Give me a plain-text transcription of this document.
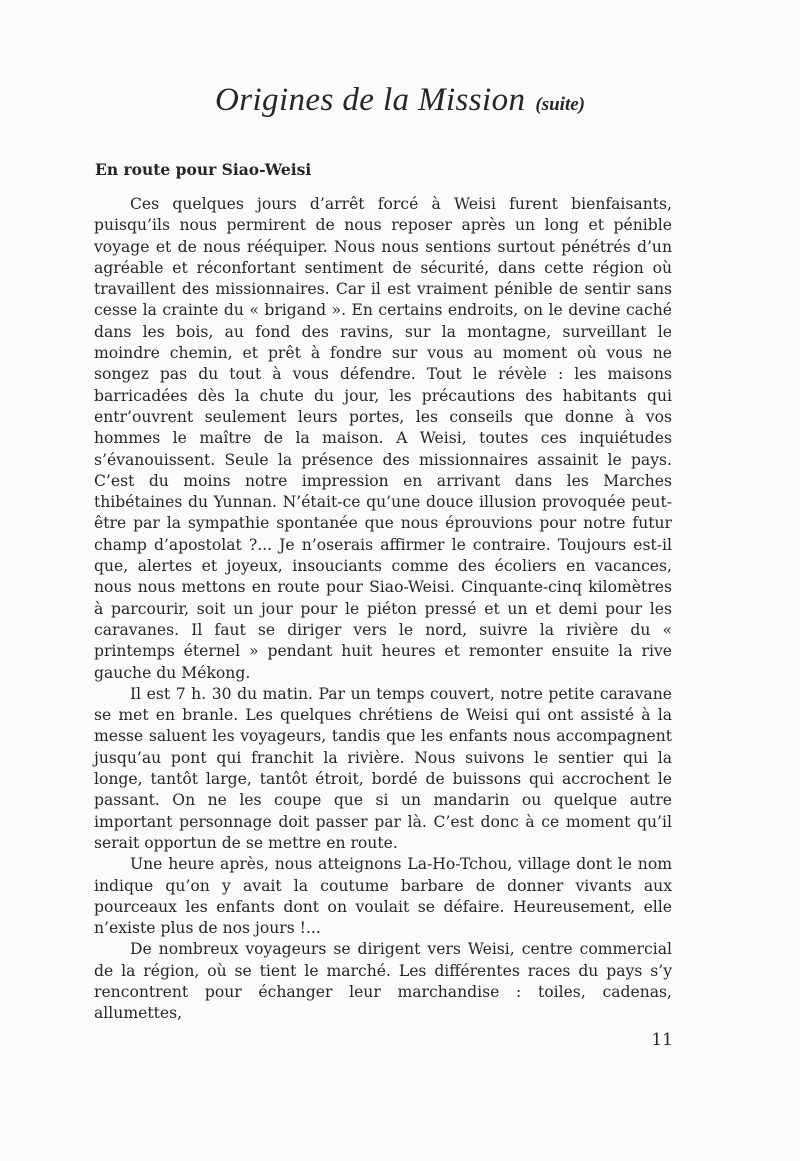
Origines de la Mission (suite)
En route pour Siao-Weisi

Ces quelques jours d’arrêt forcé à Weisi furent bienfaisants, puisqu’ils nous permirent de nous reposer après un long et pénible voyage et de nous rééquiper. Nous nous sentions surtout pénétrés d’un agréable et réconfortant sentiment de sécurité, dans cette région où travaillent des missionnaires. Car il est vraiment pénible de sentir sans cesse la crainte du « brigand ». En certains endroits, on le devine caché dans les bois, au fond des ravins, sur la montagne, surveillant le moindre chemin, et prêt à fondre sur vous au moment où vous ne songez pas du tout à vous défendre. Tout le révèle : les maisons barricadées dès la chute du jour, les précautions des habitants qui entr’ouvrent seulement leurs portes, les conseils que donne à vos hommes le maître de la maison. A Weisi, toutes ces inquiétudes s’évanouissent. Seule la présence des missionnaires assainit le pays. C’est du moins notre impression en arrivant dans les Marches thibétaines du Yunnan. N’était-ce qu’une douce illusion provoquée peut-être par la sympathie spontanée que nous éprouvions pour notre futur champ d’apostolat ?... Je n’oserais affirmer le contraire. Toujours est-il que, alertes et joyeux, insouciants comme des écoliers en vacances, nous nous mettons en route pour Siao-Weisi. Cinquante-cinq kilomètres à parcourir, soit un jour pour le piéton pressé et un et demi pour les caravanes. Il faut se diriger vers le nord, suivre la rivière du « printemps éternel » pendant huit heures et remonter ensuite la rive gauche du Mékong.

Il est 7 h. 30 du matin. Par un temps couvert, notre petite caravane se met en branle. Les quelques chrétiens de Weisi qui ont assisté à la messe saluent les voyageurs, tandis que les enfants nous accompagnent jusqu’au pont qui franchit la rivière. Nous suivons le sentier qui la longe, tantôt large, tantôt étroit, bordé de buissons qui accrochent le passant. On ne les coupe que si un mandarin ou quelque autre important personnage doit passer par là. C’est donc à ce moment qu’il serait opportun de se mettre en route.

Une heure après, nous atteignons La-Ho-Tchou, village dont le nom indique qu’on y avait la coutume barbare de donner vivants aux pourceaux les enfants dont on voulait se défaire. Heureusement, elle n’existe plus de nos jours !...

De nombreux voyageurs se dirigent vers Weisi, centre commercial de la région, où se tient le marché. Les différentes races du pays s’y rencontrent pour échanger leur marchandise : toiles, cadenas, allumettes,

11
